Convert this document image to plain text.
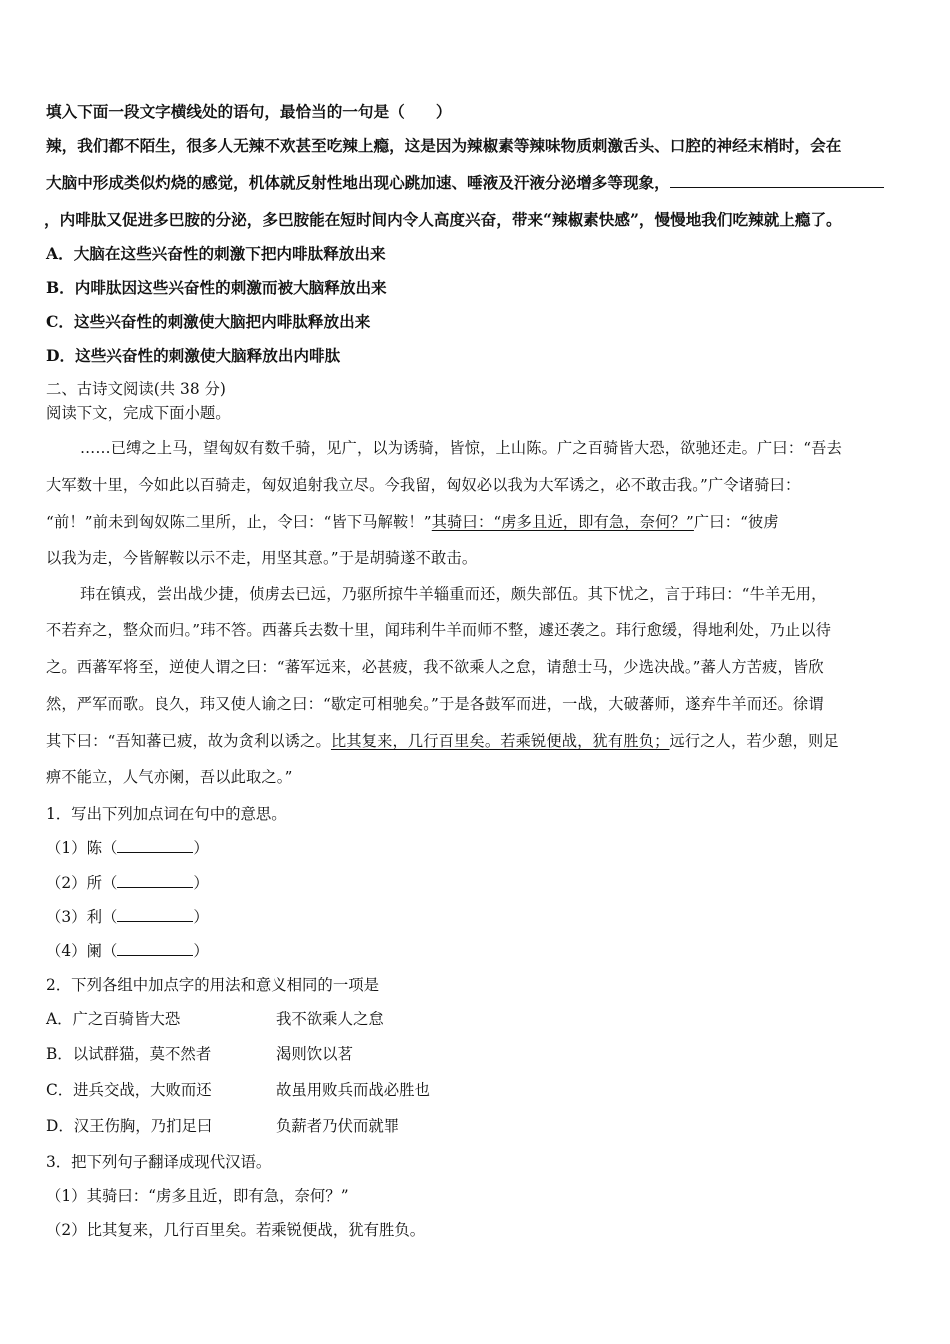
填入下面一段文字横线处的语句，最恰当的一句是（　　）
辣，我们都不陌生，很多人无辣不欢甚至吃辣上瘾，这是因为辣椒素等辣味物质刺激舌头、口腔的神经末梢时，会在
大脑中形成类似灼烧的感觉，机体就反射性地出现心跳加速、唾液及汗液分泌增多等现象，
，内啡肽又促进多巴胺的分泌，多巴胺能在短时间内令人高度兴奋，带来“辣椒素快感”，慢慢地我们吃辣就上瘾了。
A．大脑在这些兴奋性的刺激下把内啡肽释放出来
B．内啡肽因这些兴奋性的刺激而被大脑释放出来
C．这些兴奋性的刺激使大脑把内啡肽释放出来
D．这些兴奋性的刺激使大脑释放出内啡肽
二、古诗文阅读(共 38 分)
阅读下文，完成下面小题。
……已缚之上马，望匈奴有数千骑，见广，以为诱骑，皆惊，上山陈。广之百骑皆大恐，欲驰还走。广曰：“吾去
大军数十里，今如此以百骑走，匈奴追射我立尽。今我留，匈奴必以我为大军诱之，必不敢击我。”广令诸骑曰：
“前！”前未到匈奴陈二里所，止，令曰：“皆下马解鞍！”其骑曰：“虏多且近，即有急，奈何？”广曰：“彼虏
以我为走，今皆解鞍以示不走，用坚其意。”于是胡骑遂不敢击。
玮在镇戎，尝出战少捷，侦虏去已远，乃驱所掠牛羊辎重而还，颇失部伍。其下忧之，言于玮曰：“牛羊无用，
不若弃之，整众而归。”玮不答。西蕃兵去数十里，闻玮利牛羊而师不整，遽还袭之。玮行愈缓，得地利处，乃止以待
之。西蕃军将至，逆使人谓之曰：“蕃军远来，必甚疲，我不欲乘人之怠，请憩士马，少选决战。”蕃人方苦疲，皆欣
然，严军而歌。良久，玮又使人谕之曰：“歇定可相驰矣。”于是各鼓军而进，一战，大破蕃师，遂弃牛羊而还。徐谓
其下曰：“吾知蕃已疲，故为贪利以诱之。比其复来，几行百里矣。若乘锐便战，犹有胜负；远行之人，若少憩，则足
痹不能立，人气亦阑，吾以此取之。”
1．写出下列加点词在句中的意思。
（1）陈（	）
（2）所（	）
（3）利（	）
（4）阑（	）
2．下列各组中加点字的用法和意义相同的一项是
A．广之百骑皆大恐	我不欲乘人之怠
B．以试群猫，莫不然者	渴则饮以茗
C．进兵交战，大败而还	故虽用败兵而战必胜也
D．汉王伤胸，乃扪足曰	负薪者乃伏而就罪
3．把下列句子翻译成现代汉语。
（1）其骑曰：“虏多且近，即有急，奈何？”
（2）比其复来，几行百里矣。若乘锐便战，犹有胜负。
